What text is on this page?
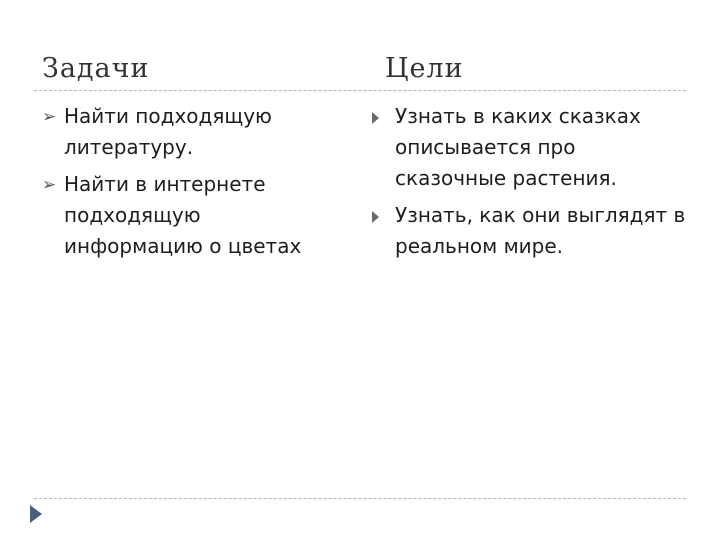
Задачи	Цели
➢ Найти подходящую литературу.
➢ Найти в интернете подходящую информацию о цветах
Узнать в каких сказках описывается про сказочные растения.
Узнать, как они выглядят в реальном мире.
